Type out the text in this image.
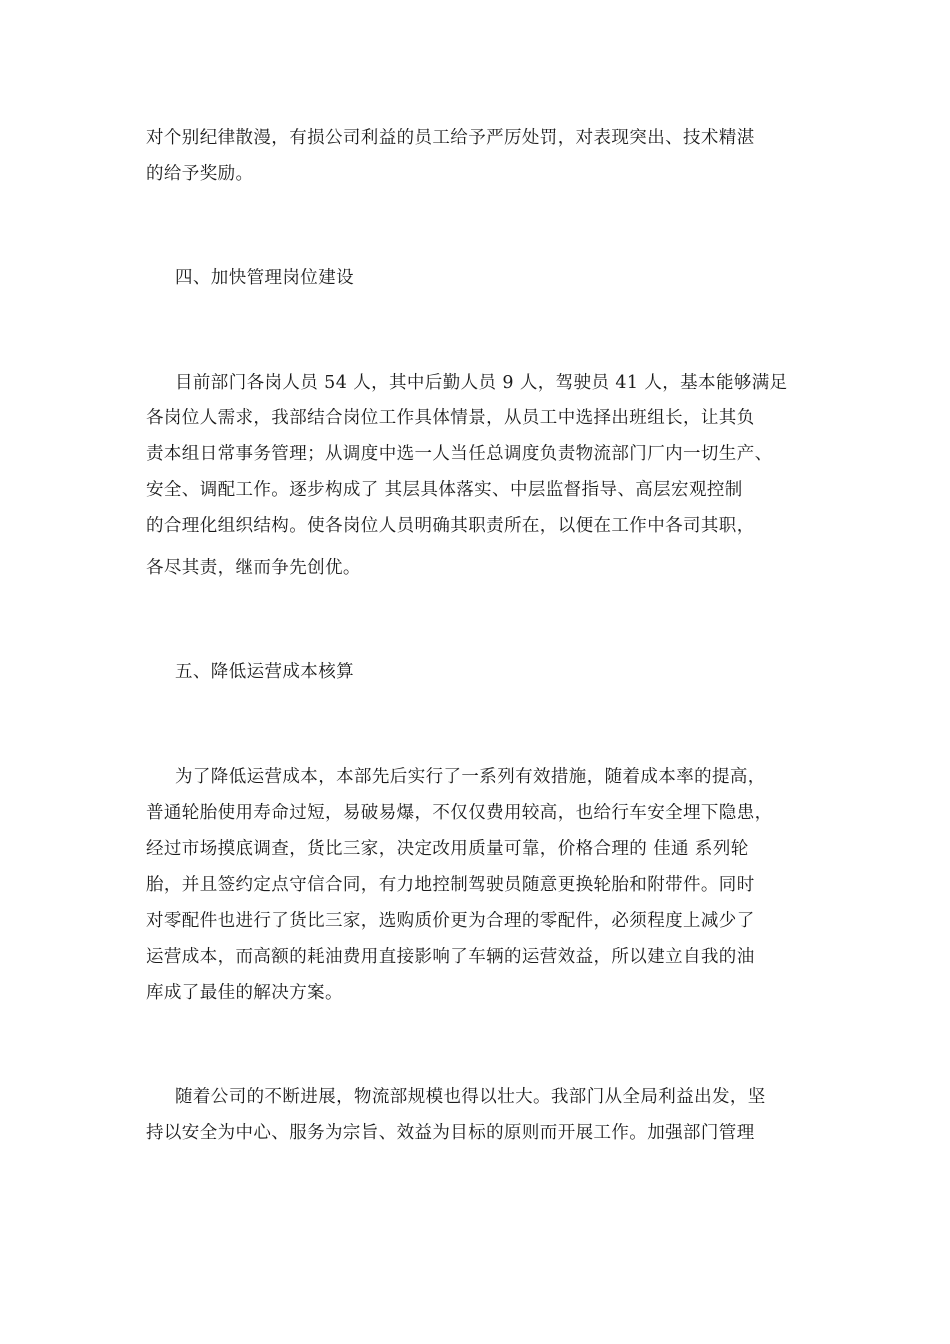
对个别纪律散漫，有损公司利益的员工给予严厉处罚，对表现突出、技术精湛
的给予奖励。
四、加快管理岗位建设
目前部门各岗人员 54 人，其中后勤人员 9 人，驾驶员 41 人，基本能够满足
各岗位人需求，我部结合岗位工作具体情景，从员工中选择出班组长，让其负
责本组日常事务管理；从调度中选一人当任总调度负责物流部门厂内一切生产、
安全、调配工作。逐步构成了 其层具体落实、中层监督指导、高层宏观控制
的合理化组织结构。使各岗位人员明确其职责所在，以便在工作中各司其职，
各尽其责，继而争先创优。
五、降低运营成本核算
为了降低运营成本，本部先后实行了一系列有效措施，随着成本率的提高，
普通轮胎使用寿命过短，易破易爆，不仅仅费用较高，也给行车安全埋下隐患，
经过市场摸底调查，货比三家，决定改用质量可靠，价格合理的 佳通 系列轮
胎，并且签约定点守信合同，有力地控制驾驶员随意更换轮胎和附带件。同时
对零配件也进行了货比三家，选购质价更为合理的零配件，必须程度上减少了
运营成本，而高额的耗油费用直接影响了车辆的运营效益，所以建立自我的油
库成了最佳的解决方案。
随着公司的不断进展，物流部规模也得以壮大。我部门从全局利益出发，坚
持以安全为中心、服务为宗旨、效益为目标的原则而开展工作。加强部门管理
